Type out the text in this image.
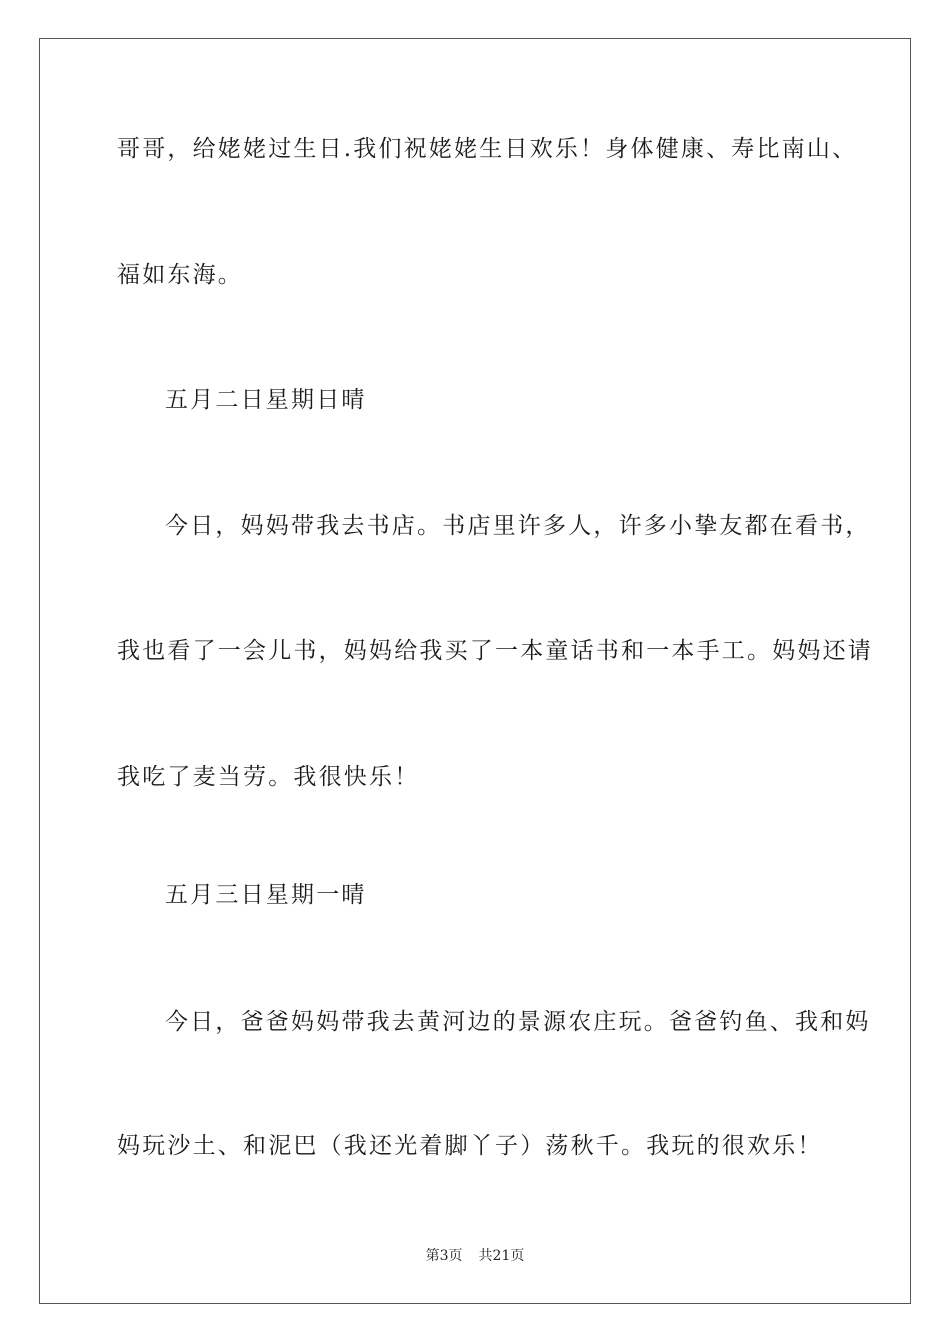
哥哥，给姥姥过生日.我们祝姥姥生日欢乐！身体健康、寿比南山、
福如东海。
五月二日星期日晴
今日，妈妈带我去书店。书店里许多人，许多小挚友都在看书，
我也看了一会儿书，妈妈给我买了一本童话书和一本手工。妈妈还请
我吃了麦当劳。我很快乐！
五月三日星期一晴
今日，爸爸妈妈带我去黄河边的景源农庄玩。爸爸钓鱼、我和妈
妈玩沙土、和泥巴（我还光着脚丫子）荡秋千。我玩的很欢乐！
第3页 共21页
